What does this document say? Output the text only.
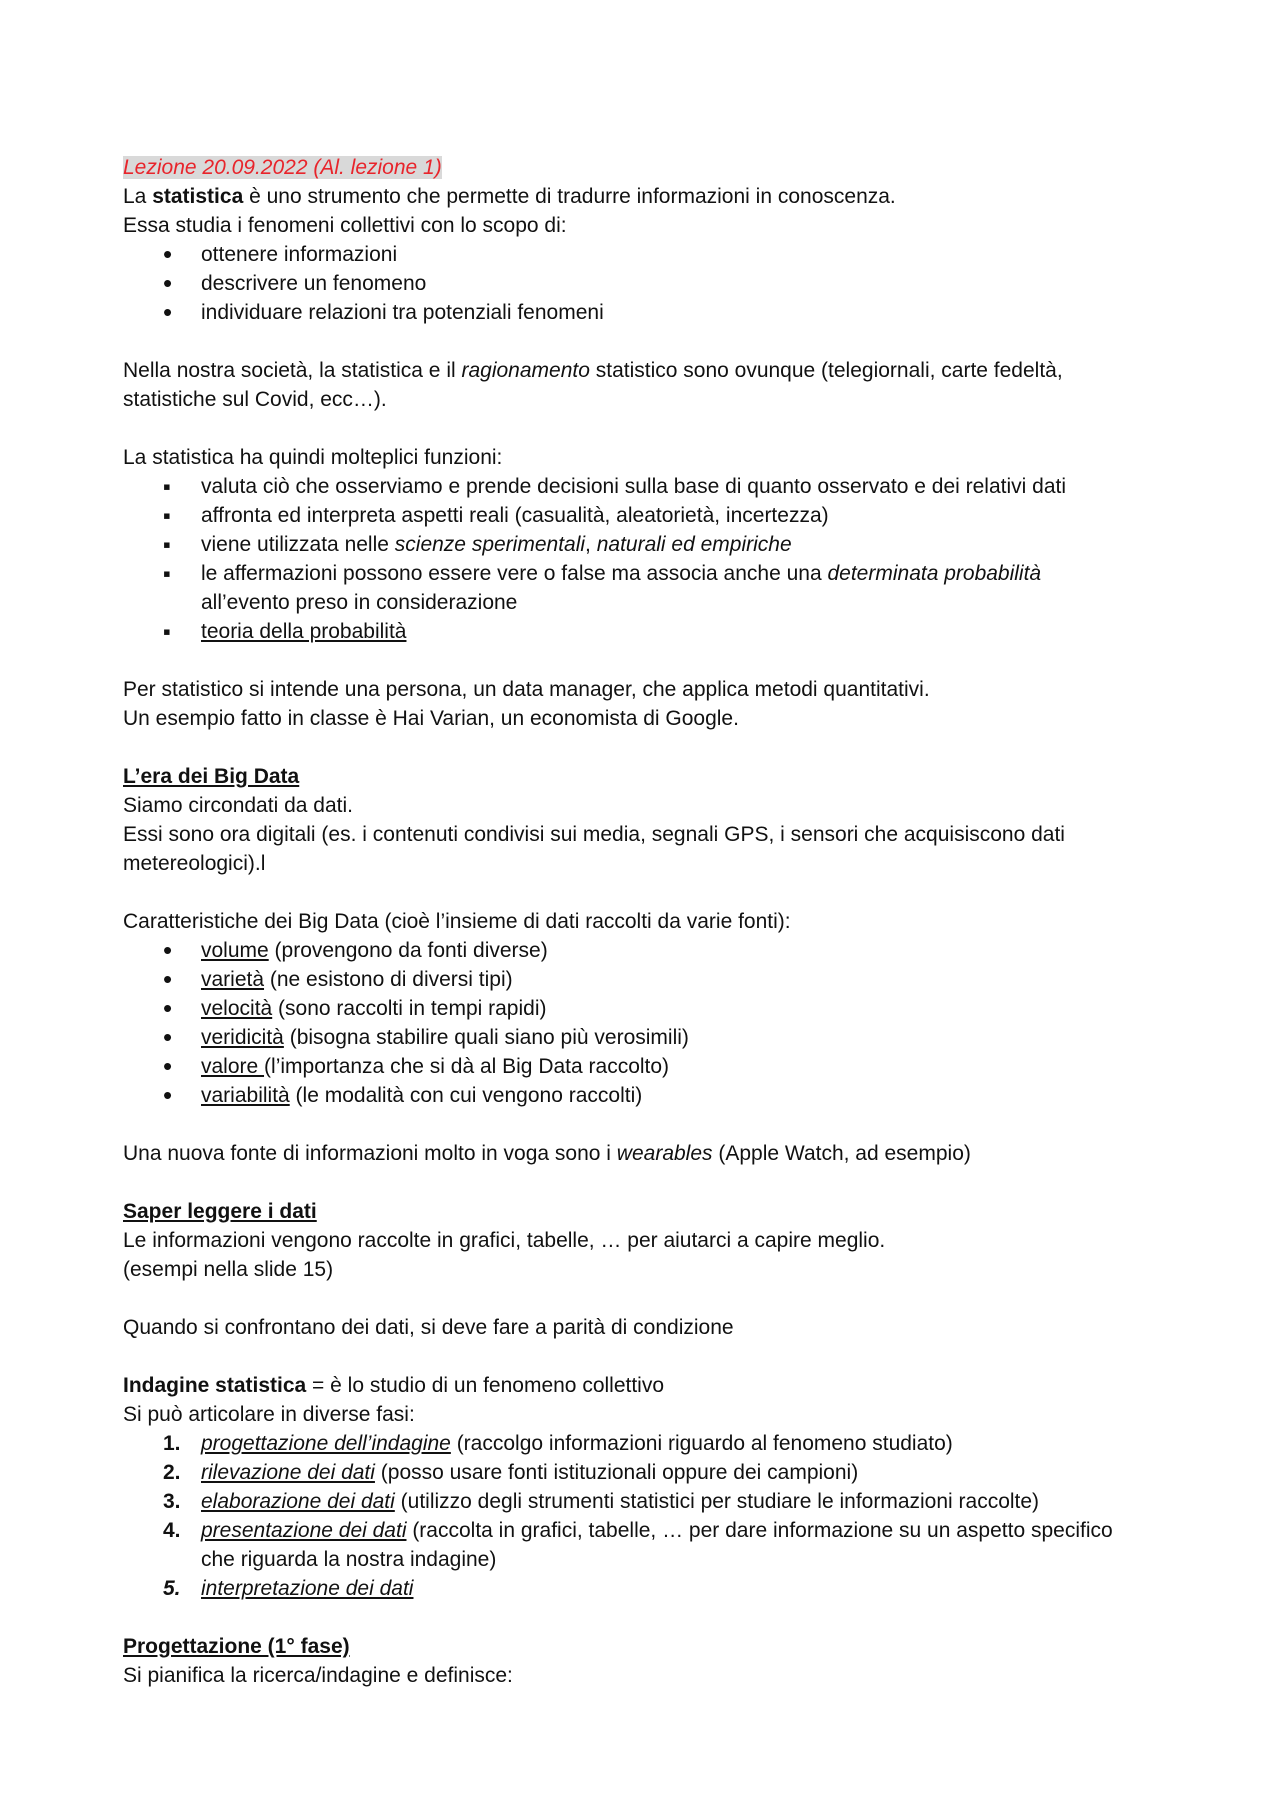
Lezione 20.09.2022 (Al. lezione 1)

La statistica è uno strumento che permette di tradurre informazioni in conoscenza.

Essa studia i fenomeni collettivi con lo scopo di:

•
ottenere informazioni
•
descrivere un fenomeno
•
individuare relazioni tra potenziali fenomeni

Nella nostra società, la statistica e il ragionamento statistico sono ovunque (telegiornali, carte fedeltà,

statistiche sul Covid, ecc…).

La statistica ha quindi molteplici funzioni:

▪
valuta ciò che osserviamo e prende decisioni sulla base di quanto osservato e dei relativi dati
▪
affronta ed interpreta aspetti reali (casualità, aleatorietà, incertezza)
▪
viene utilizzata nelle scienze sperimentali, naturali ed empiriche
▪
le affermazioni possono essere vere o false ma associa anche una determinata probabilità
all’evento preso in considerazione
▪
teoria della probabilità

Per statistico si intende una persona, un data manager, che applica metodi quantitativi.

Un esempio fatto in classe è Hai Varian, un economista di Google.

L’era dei Big Data

Siamo circondati da dati.

Essi sono ora digitali (es. i contenuti condivisi sui media, segnali GPS, i sensori che acquisiscono dati

metereologici).l

Caratteristiche dei Big Data (cioè l’insieme di dati raccolti da varie fonti):

•
volume (provengono da fonti diverse)
•
varietà (ne esistono di diversi tipi)
•
velocità (sono raccolti in tempi rapidi)
•
veridicità (bisogna stabilire quali siano più verosimili)
•
valore (l’importanza che si dà al Big Data raccolto)
•
variabilità (le modalità con cui vengono raccolti)

Una nuova fonte di informazioni molto in voga sono i wearables (Apple Watch, ad esempio)

Saper leggere i dati

Le informazioni vengono raccolte in grafici, tabelle, … per aiutarci a capire meglio.

(esempi nella slide 15)

Quando si confrontano dei dati, si deve fare a parità di condizione

Indagine statistica = è lo studio di un fenomeno collettivo

Si può articolare in diverse fasi:

1. progettazione dell’indagine (raccolgo informazioni riguardo al fenomeno studiato)
2. rilevazione dei dati (posso usare fonti istituzionali oppure dei campioni)
3. elaborazione dei dati (utilizzo degli strumenti statistici per studiare le informazioni raccolte)
4. presentazione dei dati (raccolta in grafici, tabelle, … per dare informazione su un aspetto specifico
che riguarda la nostra indagine)
5. interpretazione dei dati

Progettazione (1° fase)

Si pianifica la ricerca/indagine e definisce:
